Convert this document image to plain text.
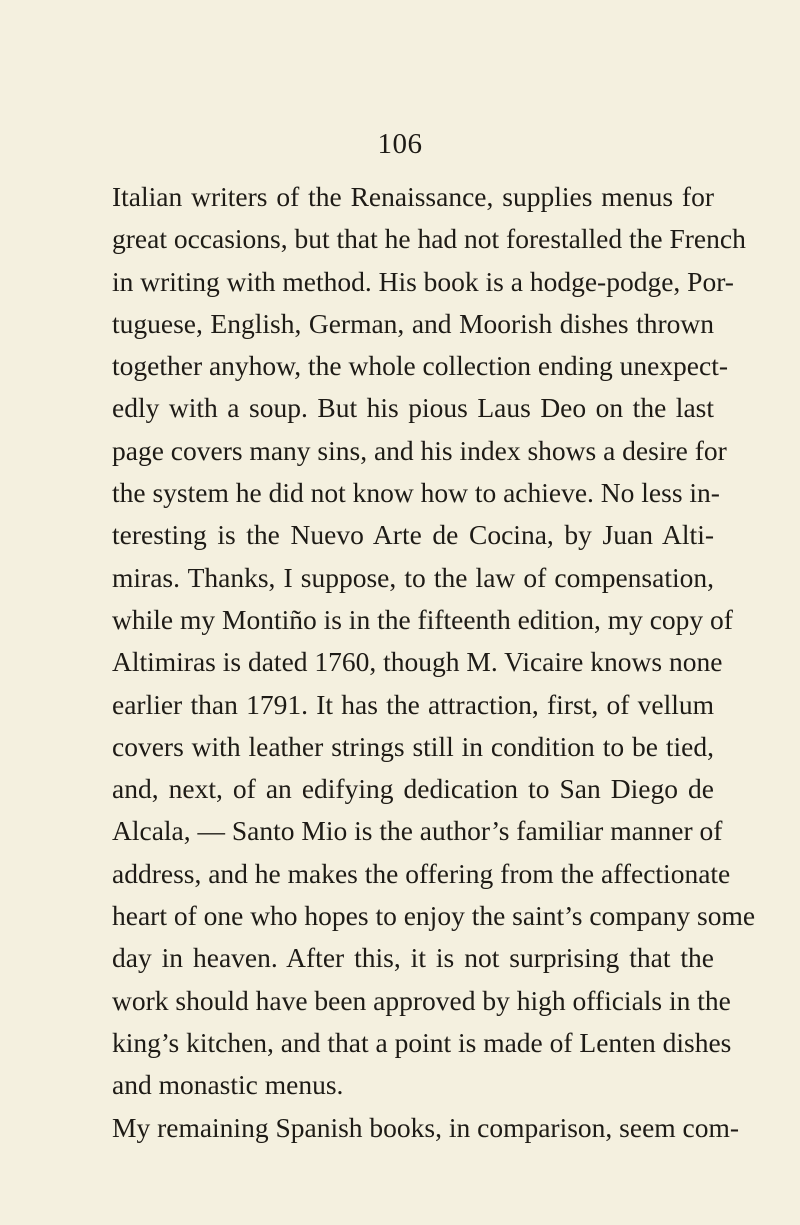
106
Italian writers of the Renaissance, supplies menus for
great occasions, but that he had not forestalled the French
in writing with method. His book is a hodge-podge, Por-
tuguese, English, German, and Moorish dishes thrown
together anyhow, the whole collection ending unexpect-
edly with a soup. But his pious Laus Deo on the last
page covers many sins, and his index shows a desire for
the system he did not know how to achieve. No less in-
teresting is the Nuevo Arte de Cocina, by Juan Alti-
miras. Thanks, I suppose, to the law of compensation,
while my Montiño is in the fifteenth edition, my copy of
Altimiras is dated 1760, though M. Vicaire knows none
earlier than 1791. It has the attraction, first, of vellum
covers with leather strings still in condition to be tied,
and, next, of an edifying dedication to San Diego de
Alcala, — Santo Mio is the author’s familiar manner of
address, and he makes the offering from the affectionate
heart of one who hopes to enjoy the saint’s company some
day in heaven. After this, it is not surprising that the
work should have been approved by high officials in the
king’s kitchen, and that a point is made of Lenten dishes
and monastic menus.
My remaining Spanish books, in comparison, seem com-
